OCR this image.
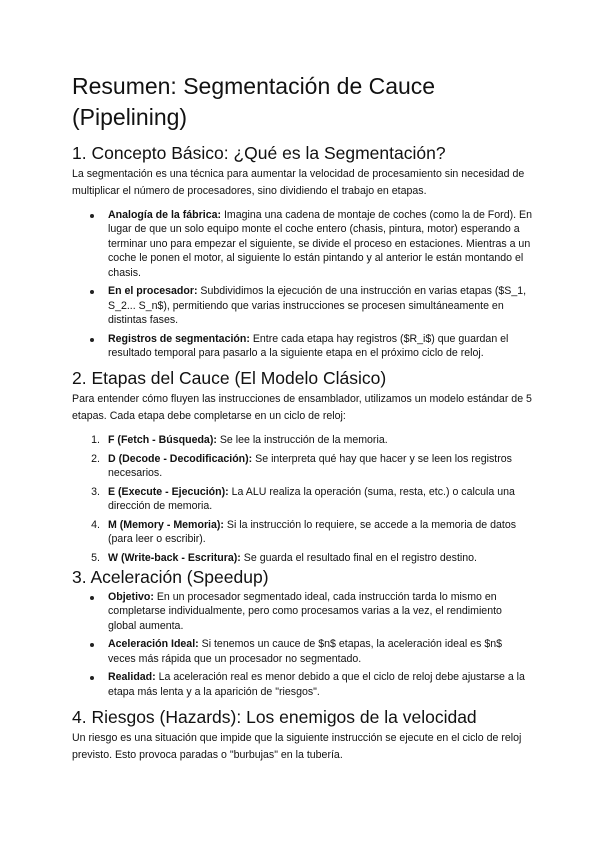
Resumen: Segmentación de Cauce (Pipelining)
1. Concepto Básico: ¿Qué es la Segmentación?

La segmentación es una técnica para aumentar la velocidad de procesamiento sin necesidad de multiplicar el número de procesadores, sino dividiendo el trabajo en etapas.

Analogía de la fábrica: Imagina una cadena de montaje de coches (como la de Ford). En lugar de que un solo equipo monte el coche entero (chasis, pintura, motor) esperando a terminar uno para empezar el siguiente, se divide el proceso en estaciones. Mientras a un coche le ponen el motor, al siguiente lo están pintando y al anterior le están montando el chasis.
En el procesador: Subdividimos la ejecución de una instrucción en varias etapas ($S_1, S_2... S_n$), permitiendo que varias instrucciones se procesen simultáneamente en distintas fases.
Registros de segmentación: Entre cada etapa hay registros ($R_i$) que guardan el resultado temporal para pasarlo a la siguiente etapa en el próximo ciclo de reloj.
2. Etapas del Cauce (El Modelo Clásico)

Para entender cómo fluyen las instrucciones de ensamblador, utilizamos un modelo estándar de 5 etapas. Cada etapa debe completarse en un ciclo de reloj:

1. F (Fetch - Búsqueda): Se lee la instrucción de la memoria.
2. D (Decode - Decodificación): Se interpreta qué hay que hacer y se leen los registros necesarios.
3. E (Execute - Ejecución): La ALU realiza la operación (suma, resta, etc.) o calcula una dirección de memoria.
4. M (Memory - Memoria): Si la instrucción lo requiere, se accede a la memoria de datos (para leer o escribir).
5. W (Write-back - Escritura): Se guarda el resultado final en el registro destino.
3. Aceleración (Speedup)
Objetivo: En un procesador segmentado ideal, cada instrucción tarda lo mismo en completarse individualmente, pero como procesamos varias a la vez, el rendimiento global aumenta.
Aceleración Ideal: Si tenemos un cauce de $n$ etapas, la aceleración ideal es $n$ veces más rápida que un procesador no segmentado.
Realidad: La aceleración real es menor debido a que el ciclo de reloj debe ajustarse a la etapa más lenta y a la aparición de "riesgos".
4. Riesgos (Hazards): Los enemigos de la velocidad

Un riesgo es una situación que impide que la siguiente instrucción se ejecute en el ciclo de reloj previsto. Esto provoca paradas o "burbujas" en la tubería.
